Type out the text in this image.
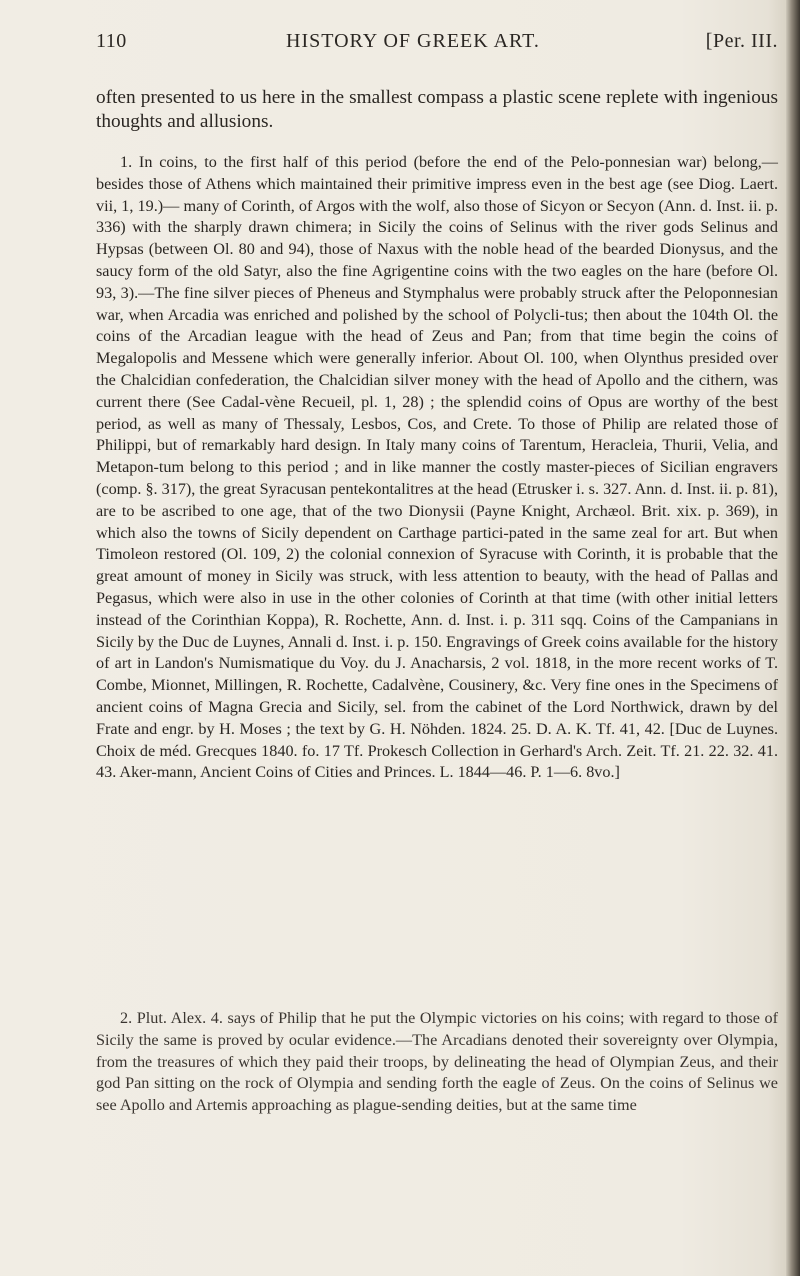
110	HISTORY OF GREEK ART.	[Per. III.
often presented to us here in the smallest compass a plastic scene replete with ingenious thoughts and allusions.
1. In coins, to the first half of this period (before the end of the Pelo-ponnesian war) belong,—besides those of Athens which maintained their primitive impress even in the best age (see Diog. Laert. vii, 1, 19.)— many of Corinth, of Argos with the wolf, also those of Sicyon or Secyon (Ann. d. Inst. ii. p. 336) with the sharply drawn chimera; in Sicily the coins of Selinus with the river gods Selinus and Hypsas (between Ol. 80 and 94), those of Naxus with the noble head of the bearded Dionysus, and the saucy form of the old Satyr, also the fine Agrigentine coins with the two eagles on the hare (before Ol. 93, 3).—The fine silver pieces of Pheneus and Stymphalus were probably struck after the Peloponnesian war, when Arcadia was enriched and polished by the school of Polycli-tus; then about the 104th Ol. the coins of the Arcadian league with the head of Zeus and Pan; from that time begin the coins of Megalopolis and Messene which were generally inferior. About Ol. 100, when Olynthus presided over the Chalcidian confederation, the Chalcidian silver money with the head of Apollo and the cithern, was current there (See Cadal-vène Recueil, pl. 1, 28) ; the splendid coins of Opus are worthy of the best period, as well as many of Thessaly, Lesbos, Cos, and Crete. To those of Philip are related those of Philippi, but of remarkably hard design. In Italy many coins of Tarentum, Heracleia, Thurii, Velia, and Metapon-tum belong to this period ; and in like manner the costly master-pieces of Sicilian engravers (comp. §. 317), the great Syracusan pentekontalitres at the head (Etrusker i. s. 327. Ann. d. Inst. ii. p. 81), are to be ascribed to one age, that of the two Dionysii (Payne Knight, Archæol. Brit. xix. p. 369), in which also the towns of Sicily dependent on Carthage partici-pated in the same zeal for art. But when Timoleon restored (Ol. 109, 2) the colonial connexion of Syracuse with Corinth, it is probable that the great amount of money in Sicily was struck, with less attention to beauty, with the head of Pallas and Pegasus, which were also in use in the other colonies of Corinth at that time (with other initial letters instead of the Corinthian Koppa), R. Rochette, Ann. d. Inst. i. p. 311 sqq. Coins of the Campanians in Sicily by the Duc de Luynes, Annali d. Inst. i. p. 150. Engravings of Greek coins available for the history of art in Landon's Numismatique du Voy. du J. Anacharsis, 2 vol. 1818, in the more recent works of T. Combe, Mionnet, Millingen, R. Rochette, Cadalvène, Cousinery, &c. Very fine ones in the Specimens of ancient coins of Magna Grecia and Sicily, sel. from the cabinet of the Lord Northwick, drawn by del Frate and engr. by H. Moses ; the text by G. H. Nöhden. 1824. 25. D. A. K. Tf. 41, 42. [Duc de Luynes. Choix de méd. Grecques 1840. fo. 17 Tf. Prokesch Collection in Gerhard's Arch. Zeit. Tf. 21. 22. 32. 41. 43. Aker-mann, Ancient Coins of Cities and Princes. L. 1844—46. P. 1—6. 8vo.]
2. Plut. Alex. 4. says of Philip that he put the Olympic victories on his coins; with regard to those of Sicily the same is proved by ocular evidence.—The Arcadians denoted their sovereignty over Olympia, from the treasures of which they paid their troops, by delineating the head of Olympian Zeus, and their god Pan sitting on the rock of Olympia and sending forth the eagle of Zeus. On the coins of Selinus we see Apollo and Artemis approaching as plague-sending deities, but at the same time
